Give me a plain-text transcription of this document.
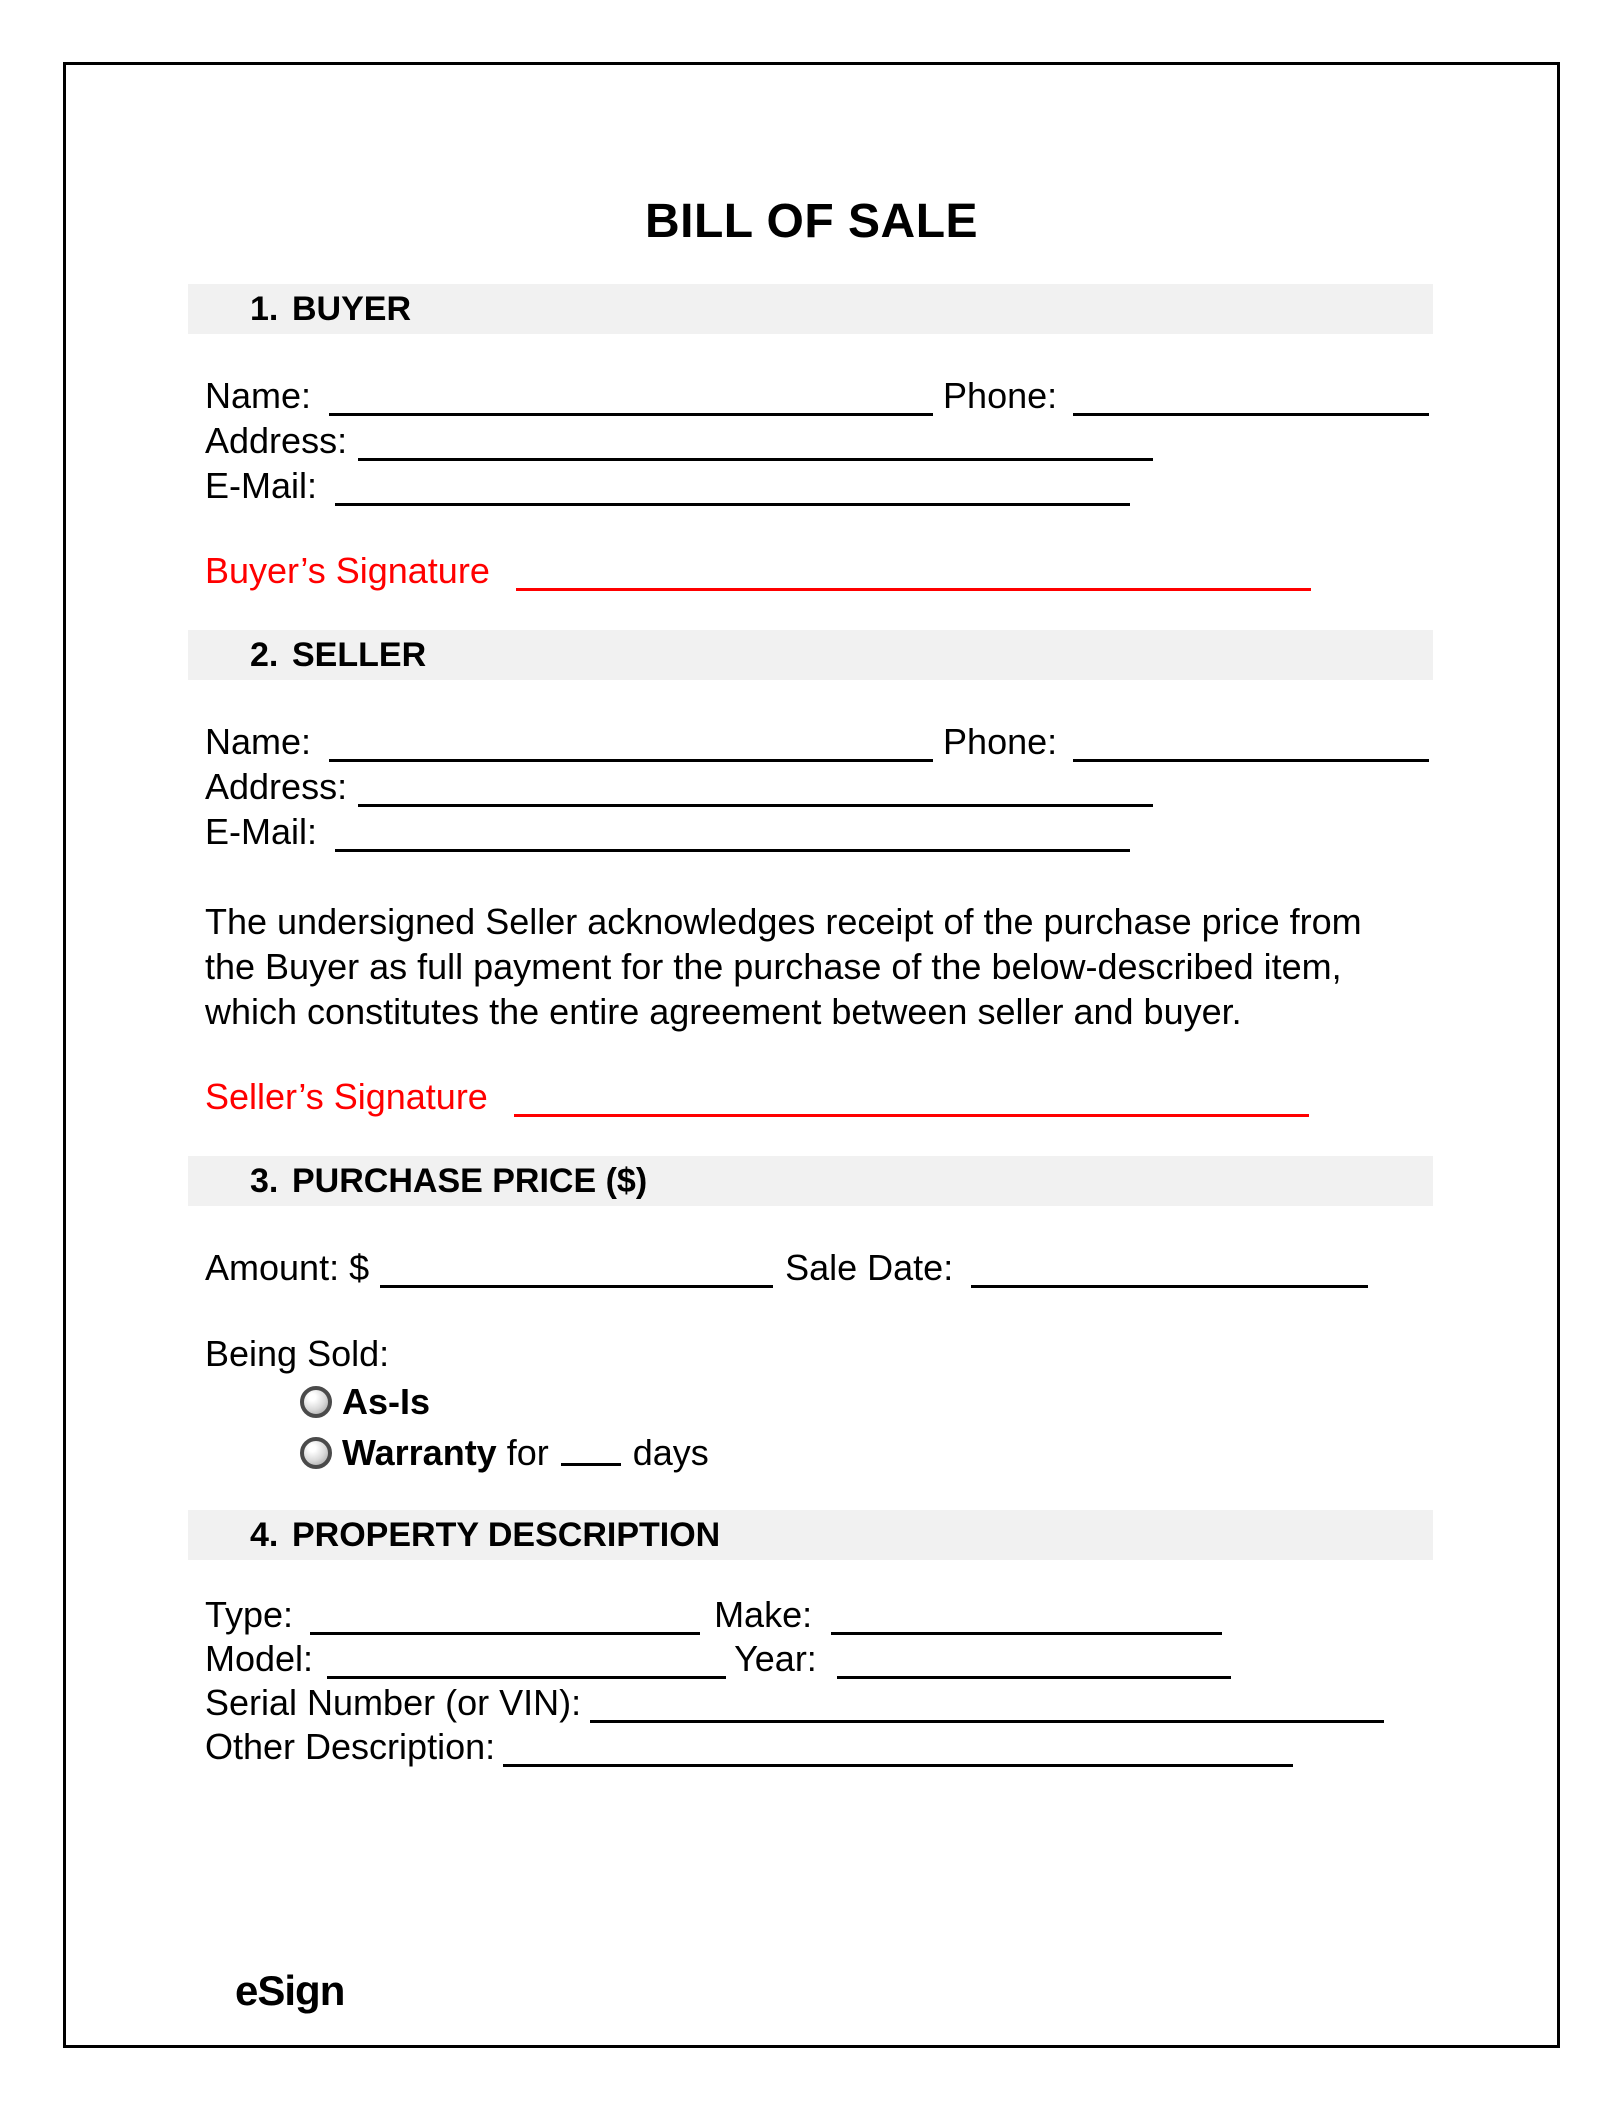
BILL OF SALE
1. BUYER
Name:	Phone:
Address:
E-Mail:
Buyer’s Signature
2. SELLER
Name:	Phone:
Address:
E-Mail:
The undersigned Seller acknowledges receipt of the purchase price from
the Buyer as full payment for the purchase of the below-described item,
which constitutes the entire agreement between seller and buyer.
Seller’s Signature
3. PURCHASE PRICE ($)
Amount: $	Sale Date:
Being Sold:
As-Is
Warranty for days
4. PROPERTY DESCRIPTION
Type:	Make:
Model:	Year:
Serial Number (or VIN):
Other Description:
eSign
